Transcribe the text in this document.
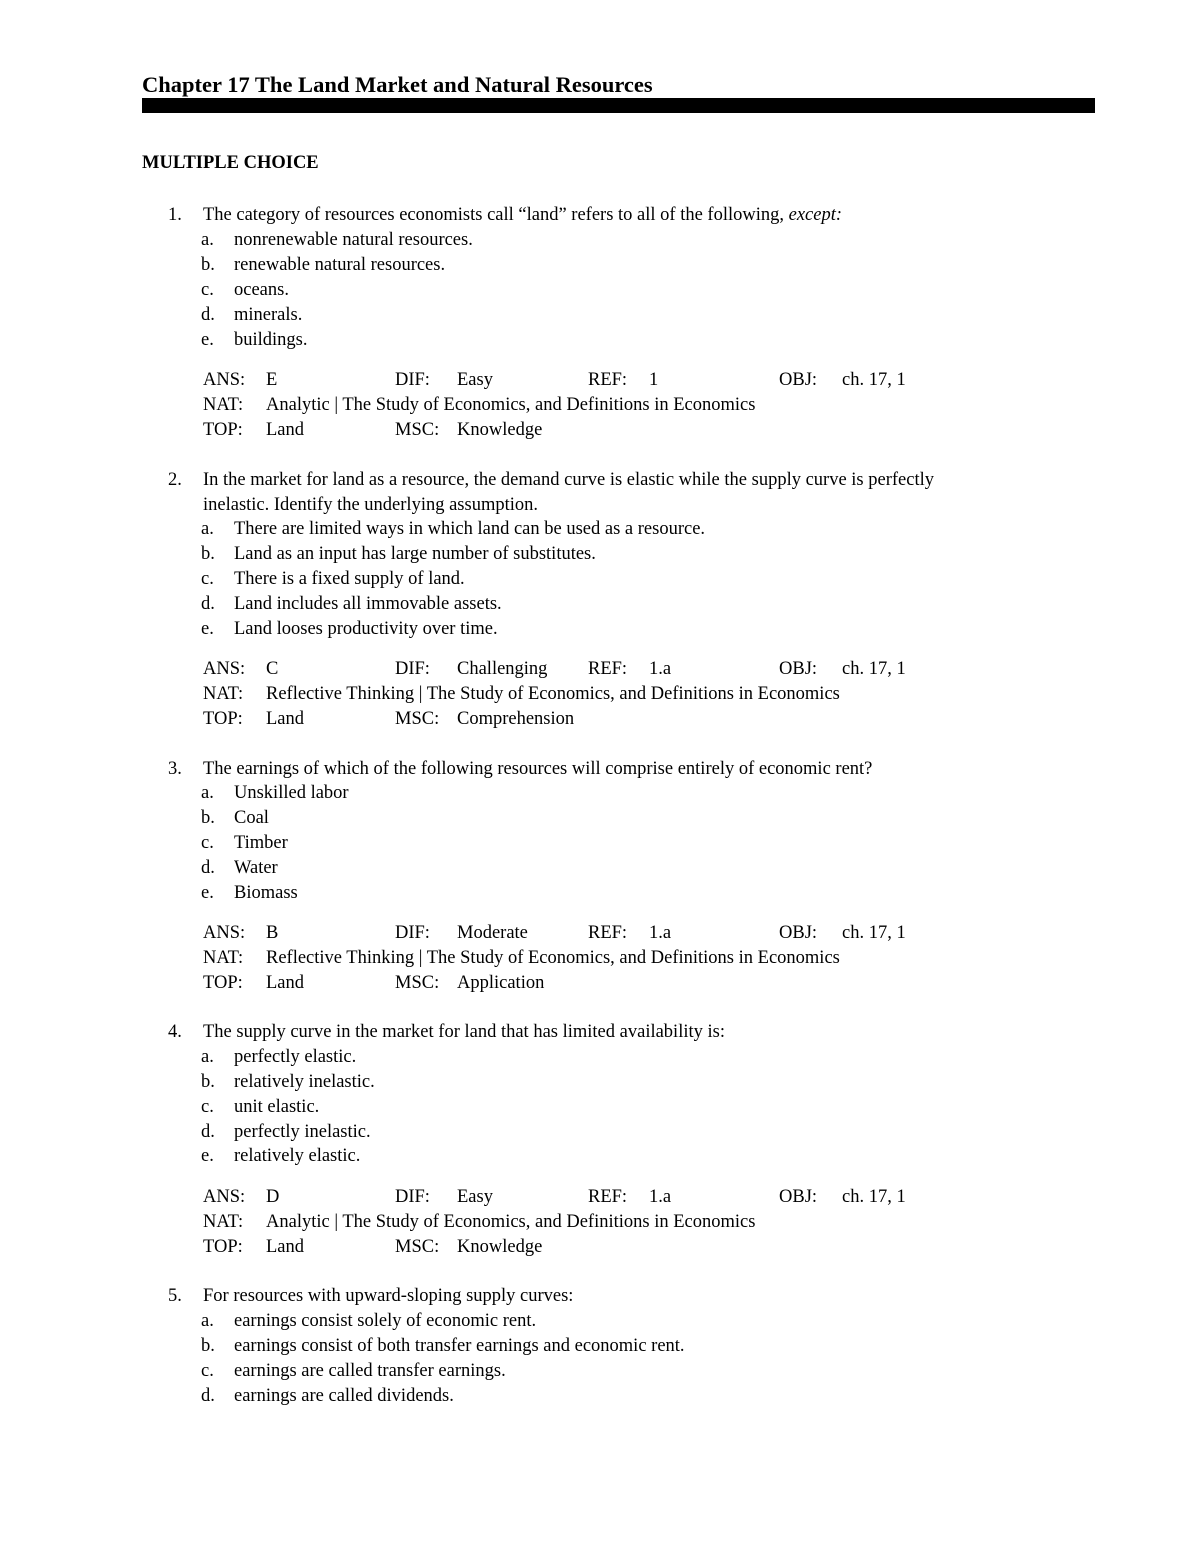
Chapter 17 The Land Market and Natural Resources
MULTIPLE CHOICE
1. The category of resources economists call “land” refers to all of the following, except:
a. nonrenewable natural resources.
b. renewable natural resources.
c. oceans.
d. minerals.
e. buildings.
ANS: E	DIF: Easy	REF: 1	OBJ: ch. 17, 1
NAT: Analytic | The Study of Economics, and Definitions in Economics
TOP: Land	MSC: Knowledge
2. In the market for land as a resource, the demand curve is elastic while the supply curve is perfectly
inelastic. Identify the underlying assumption.
a. There are limited ways in which land can be used as a resource.
b. Land as an input has large number of substitutes.
c. There is a fixed supply of land.
d. Land includes all immovable assets.
e. Land looses productivity over time.
ANS: C	DIF: Challenging REF: 1.a	OBJ: ch. 17, 1
NAT: Reflective Thinking | The Study of Economics, and Definitions in Economics
TOP: Land	MSC: Comprehension
3. The earnings of which of the following resources will comprise entirely of economic rent?
a. Unskilled labor
b. Coal
c. Timber
d. Water
e. Biomass
ANS: B	DIF: Moderate	REF: 1.a	OBJ: ch. 17, 1
NAT: Reflective Thinking | The Study of Economics, and Definitions in Economics
TOP: Land	MSC: Application
4. The supply curve in the market for land that has limited availability is:
a. perfectly elastic.
b. relatively inelastic.
c. unit elastic.
d. perfectly inelastic.
e. relatively elastic.
ANS: D	DIF: Easy	REF: 1.a	OBJ: ch. 17, 1
NAT: Analytic | The Study of Economics, and Definitions in Economics
TOP: Land	MSC: Knowledge
5. For resources with upward-sloping supply curves:
a. earnings consist solely of economic rent.
b. earnings consist of both transfer earnings and economic rent.
c. earnings are called transfer earnings.
d. earnings are called dividends.
